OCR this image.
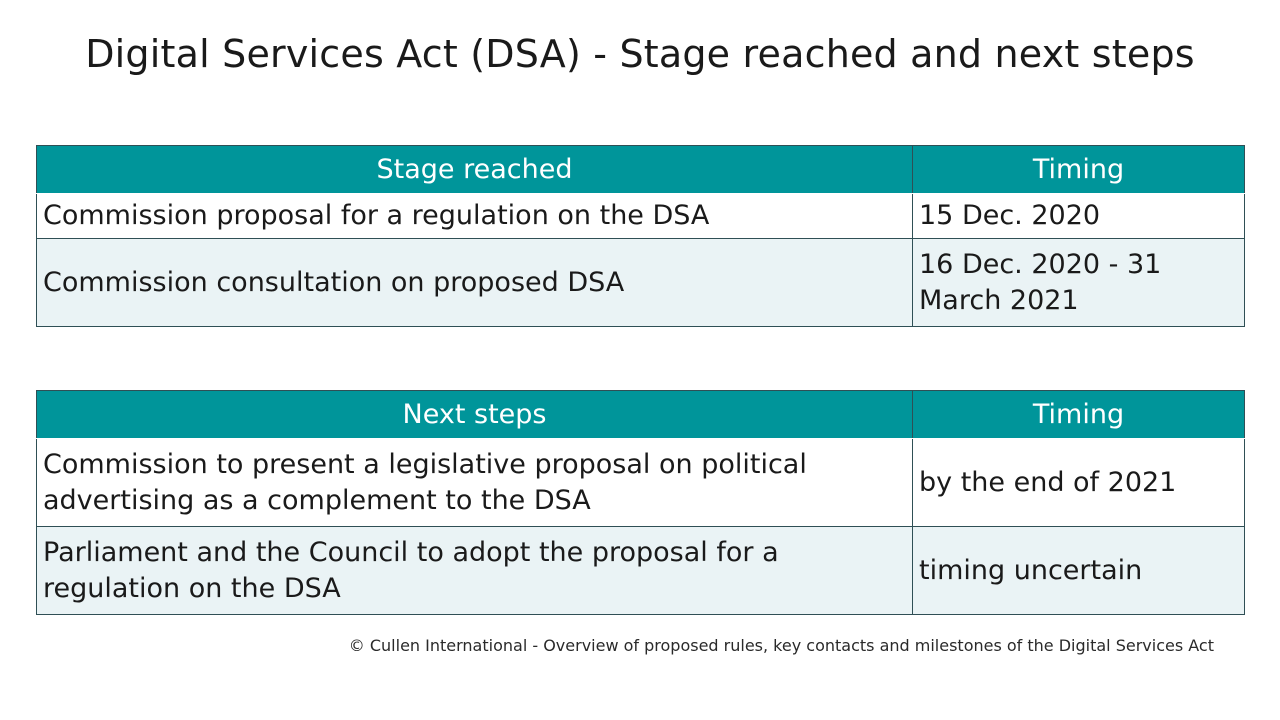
Digital Services Act (DSA) - Stage reached and next steps
Stage reached	Timing
Commission proposal for a regulation on the DSA	15 Dec. 2020
Commission consultation on proposed DSA	16 Dec. 2020 - 31 March 2021
Next steps	Timing
Commission to present a legislative proposal on political advertising as a complement to the DSA	by the end of 2021
Parliament and the Council to adopt the proposal for a regulation on the DSA	timing uncertain
© Cullen International - Overview of proposed rules, key contacts and milestones of the Digital Services Act
